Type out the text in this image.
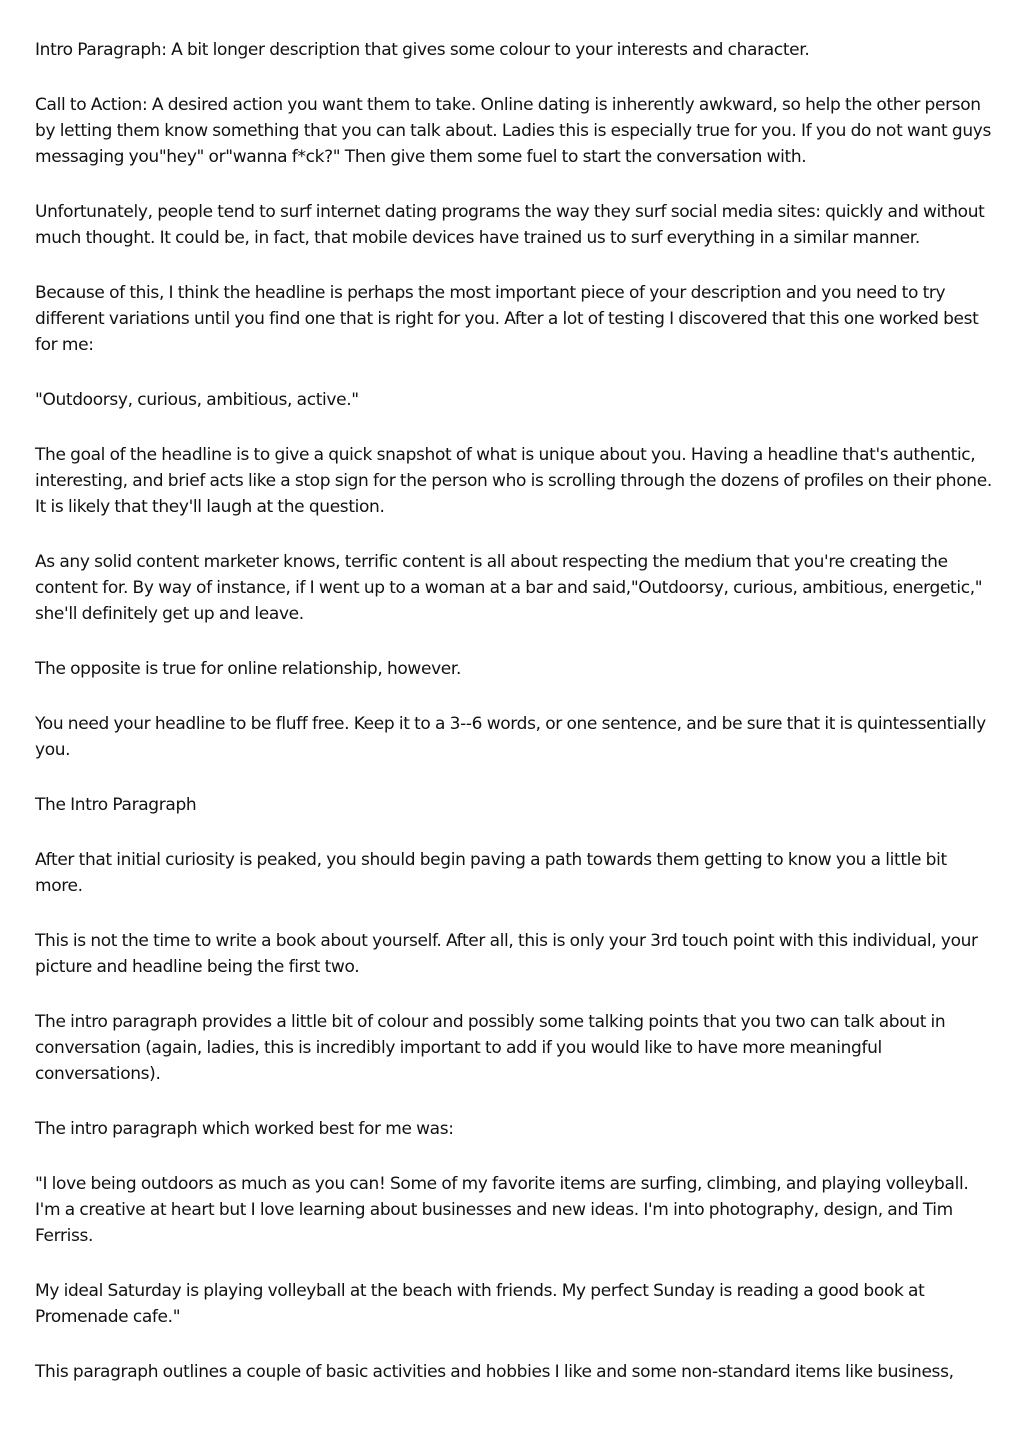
Intro Paragraph: A bit longer description that gives some colour to your interests and character.

Call to Action: A desired action you want them to take. Online dating is inherently awkward, so help the other person by letting them know something that you can talk about. Ladies this is especially true for you. If you do not want guys messaging you"hey" or"wanna f*ck?" Then give them some fuel to start the conversation with.

Unfortunately, people tend to surf internet dating programs the way they surf social media sites: quickly and without much thought. It could be, in fact, that mobile devices have trained us to surf everything in a similar manner.

Because of this, I think the headline is perhaps the most important piece of your description and you need to try different variations until you find one that is right for you. After a lot of testing I discovered that this one worked best for me:

"Outdoorsy, curious, ambitious, active."

The goal of the headline is to give a quick snapshot of what is unique about you. Having a headline that's authentic, interesting, and brief acts like a stop sign for the person who is scrolling through the dozens of profiles on their phone. It is likely that they'll laugh at the question.

As any solid content marketer knows, terrific content is all about respecting the medium that you're creating the content for. By way of instance, if I went up to a woman at a bar and said,"Outdoorsy, curious, ambitious, energetic," she'll definitely get up and leave.

The opposite is true for online relationship, however.

You need your headline to be fluff free. Keep it to a 3--6 words, or one sentence, and be sure that it is quintessentially you.

The Intro Paragraph

After that initial curiosity is peaked, you should begin paving a path towards them getting to know you a little bit more.

This is not the time to write a book about yourself. After all, this is only your 3rd touch point with this individual, your picture and headline being the first two.

The intro paragraph provides a little bit of colour and possibly some talking points that you two can talk about in conversation (again, ladies, this is incredibly important to add if you would like to have more meaningful conversations).

The intro paragraph which worked best for me was:

"I love being outdoors as much as you can! Some of my favorite items are surfing, climbing, and playing volleyball. I'm a creative at heart but I love learning about businesses and new ideas. I'm into photography, design, and Tim Ferriss.

My ideal Saturday is playing volleyball at the beach with friends. My perfect Sunday is reading a good book at Promenade cafe."

This paragraph outlines a couple of basic activities and hobbies I like and some non-standard items like business,
